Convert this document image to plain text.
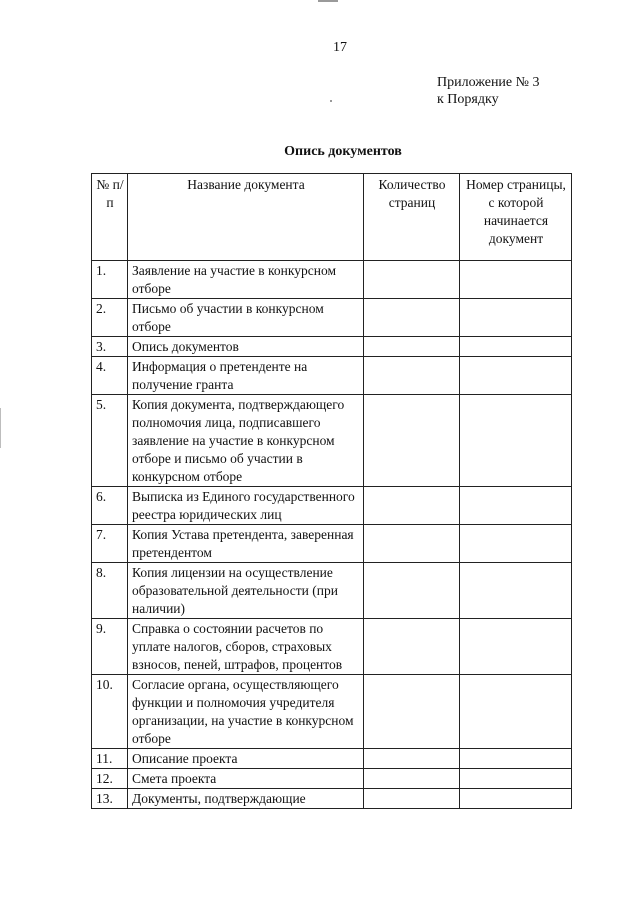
17
Приложение № 3
к Порядку
Опись документов
№ п/п	Название документа	Количество страниц	Номер страницы, с которой начинается документ
1.	Заявление на участие в конкурсном отборе		
2.	Письмо об участии в конкурсном отборе		
3.	Опись документов		
4.	Информация о претенденте на получение гранта		
5.	Копия документа, подтверждающего полномочия лица, подписавшего заявление на участие в конкурсном отборе и письмо об участии в конкурсном отборе		
6.	Выписка из Единого государственного реестра юридических лиц		
7.	Копия Устава претендента, заверенная претендентом		
8.	Копия лицензии на осуществление образовательной деятельности (при наличии)		
9.	Справка о состоянии расчетов по уплате налогов, сборов, страховых взносов, пеней, штрафов, процентов		
10.	Согласие органа, осуществляющего функции и полномочия учредителя организации, на участие в конкурсном отборе		
11.	Описание проекта		
12.	Смета проекта		
13.	Документы, подтверждающие		
